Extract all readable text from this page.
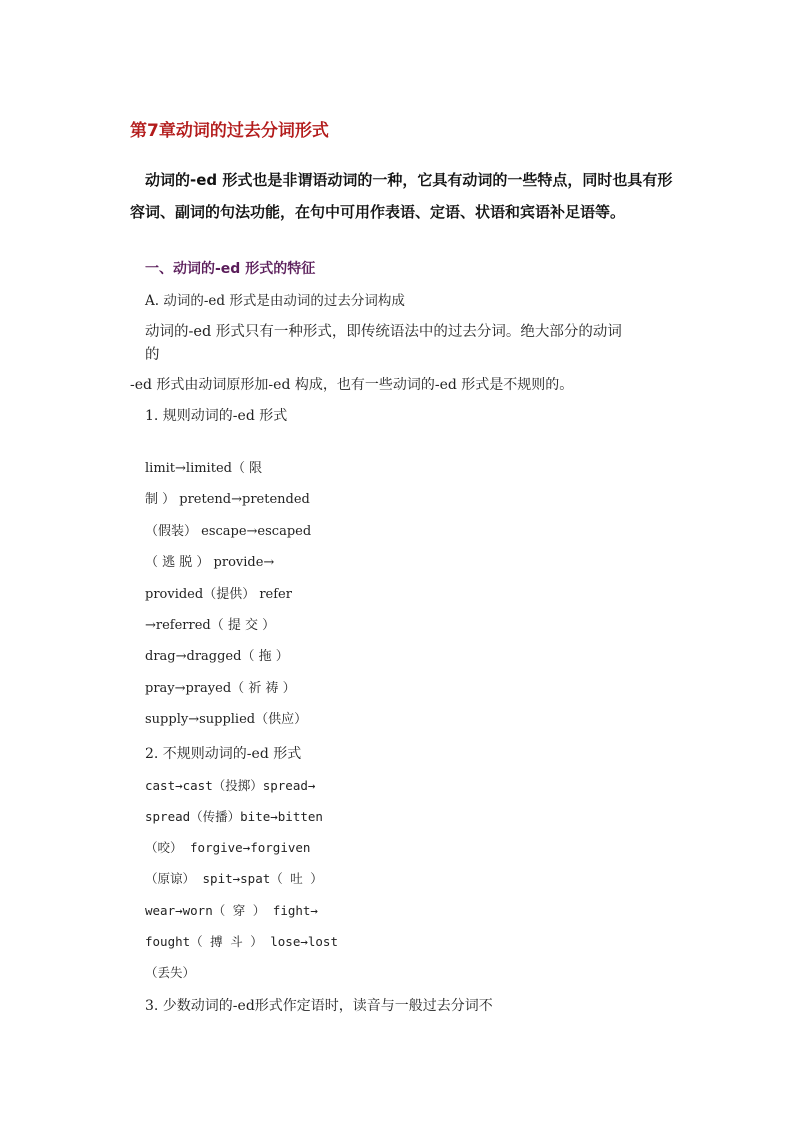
第7章动词的过去分词形式
动词的-ed 形式也是非谓语动词的一种，它具有动词的一些特点，同时也具有形
容词、副词的句法功能，在句中可用作表语、定语、状语和宾语补足语等。
一、动词的-ed 形式的特征
A. 动词的-ed 形式是由动词的过去分词构成
动词的-ed 形式只有一种形式，即传统语法中的过去分词。绝大部分的动词
的
-ed 形式由动词原形加-ed 构成，也有一些动词的-ed 形式是不规则的。
1. 规则动词的-ed 形式
limit→limited（ 限
制 ） pretend→pretended
（假装） escape→escaped
（ 逃 脱 ） provide→
provided（提供） refer
→referred（ 提 交 ）
drag→dragged（ 拖 ）
pray→prayed（ 祈 祷 ）
supply→supplied（供应）
2. 不规则动词的-ed 形式
cast→cast（投掷）spread→
spread（传播）bite→bitten
（咬） forgive→forgiven
（原谅） spit→spat（ 吐 ）
wear→worn（ 穿 ） fight→
fought（ 搏 斗 ） lose→lost
（丢失）
3. 少数动词的-ed形式作定语时，读音与一般过去分词不
